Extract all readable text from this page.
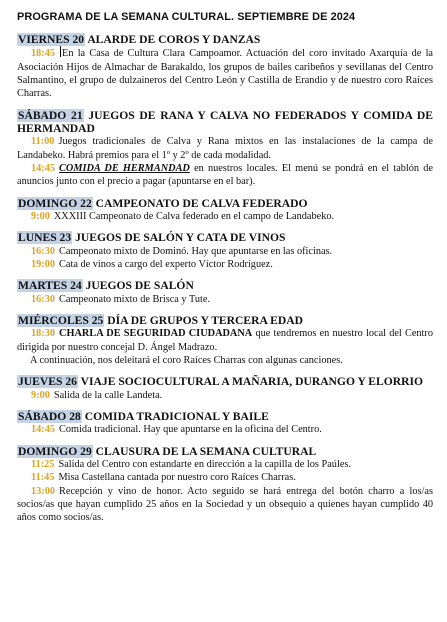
PROGRAMA DE LA SEMANA CULTURAL. SEPTIEMBRE DE 2024
VIERNES 20 ALARDE DE COROS Y DANZAS
18:45 En la Casa de Cultura Clara Campoamor. Actuación del coro invitado Axarquía de la Asociación Hijos de Almachar de Barakaldo, los grupos de bailes caribeños y sevillanas del Centro Salmantino, el grupo de dulzaineros del Centro León y Castilla de Erandio y de nuestro coro Raíces Charras.
SÁBADO 21 JUEGOS DE RANA Y CALVA NO FEDERADOS Y COMIDA DE HERMANDAD
11:00 Juegos tradicionales de Calva y Rana mixtos en las instalaciones de la campa de Landabeko. Habrá premios para el 1º y 2º de cada modalidad.
14:45 COMIDA DE HERMANDAD en nuestros locales. El menú se pondrá en el tablón de anuncios junto con el precio a pagar (apuntarse en el bar).
DOMINGO 22 CAMPEONATO DE CALVA FEDERADO
9:00 XXXIII Campeonato de Calva federado en el campo de Landabeko.
LUNES 23 JUEGOS DE SALÓN Y CATA DE VINOS
16:30 Campeonato mixto de Dominó. Hay que apuntarse en las oficinas.
19:00 Cata de vinos a cargo del experto Víctor Rodríguez.
MARTES 24 JUEGOS DE SALÓN
16:30 Campeonato mixto de Brisca y Tute.
MIÉRCOLES 25 DÍA DE GRUPOS Y TERCERA EDAD
18:30 CHARLA DE SEGURIDAD CIUDADANA que tendremos en nuestro local del Centro dirigida por nuestro concejal D. Ángel Madrazo.
A continuación, nos deleitará el coro Raíces Charras con algunas canciones.
JUEVES 26 VIAJE SOCIOCULTURAL A MAÑARIA, DURANGO Y ELORRIO
9:00 Salida de la calle Landeta.
SÁBADO 28 COMIDA TRADICIONAL Y BAILE
14:45 Comida tradicional. Hay que apuntarse en la oficina del Centro.
DOMINGO 29 CLAUSURA DE LA SEMANA CULTURAL
11:25 Salida del Centro con estandarte en dirección a la capilla de los Paúles.
11:45 Misa Castellana cantada por nuestro coro Raíces Charras.
13:00 Recepción y vino de honor. Acto seguido se hará entrega del botón charro a los/as socios/as que hayan cumplido 25 años en la Sociedad y un obsequio a quienes hayan cumplido 40 años como socios/as.
